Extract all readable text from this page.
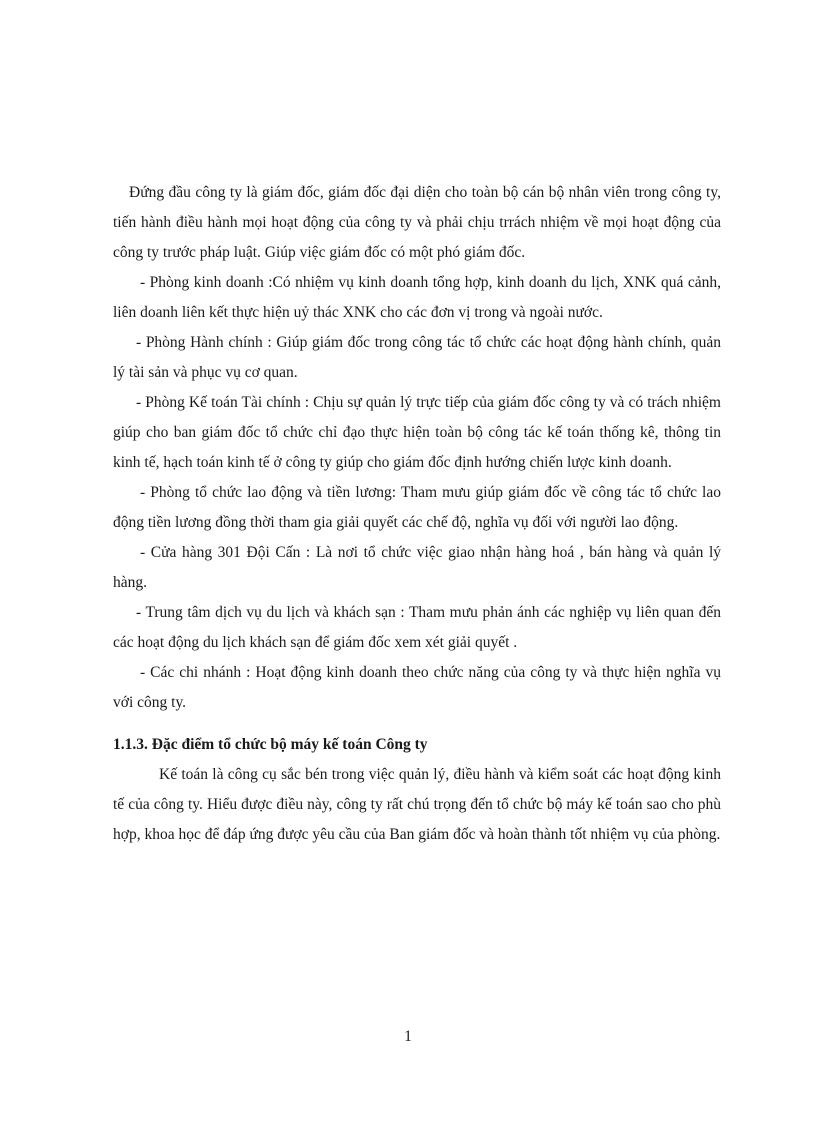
Đứng đầu công ty là giám đốc, giám đốc đại diện cho toàn bộ cán bộ nhân viên trong công ty, tiến hành điều hành mọi hoạt động của công ty và phải chịu trrách nhiệm về mọi hoạt động của công ty trước pháp luật. Giúp việc giám đốc có một phó giám đốc.

- Phòng kinh doanh :Có nhiệm vụ kinh doanh tổng hợp, kinh doanh du lịch, XNK quá cảnh, liên doanh liên kết thực hiện uỷ thác XNK cho các đơn vị trong và ngoài nước.

- Phòng Hành chính : Giúp giám đốc trong công tác tổ chức các hoạt động hành chính, quản lý tài sản và phục vụ cơ quan.

- Phòng Kế toán Tài chính : Chịu sự quản lý trực tiếp của giám đốc công ty và có trách nhiệm giúp cho ban giám đốc tổ chức chỉ đạo thực hiện toàn bộ công tác kế toán thống kê, thông tin kinh tế, hạch toán kinh tế ở công ty giúp cho giám đốc định hướng chiến lược kinh doanh.

- Phòng tổ chức lao động và tiền lương: Tham mưu giúp giám đốc về công tác tổ chức lao động tiền lương đồng thời tham gia giải quyết các chế độ, nghĩa vụ đối với người lao động.

- Cửa hàng 301 Đội Cấn : Là nơi tổ chức việc giao nhận hàng hoá , bán hàng và quản lý hàng.

- Trung tâm dịch vụ du lịch và khách sạn : Tham mưu phản ánh các nghiệp vụ liên quan đến các hoạt động du lịch khách sạn để giám đốc xem xét giải quyết .

- Các chi nhánh : Hoạt động kinh doanh theo chức năng của công ty và thực hiện nghĩa vụ với công ty.

1.1.3. Đặc điểm tổ chức bộ máy kế toán Công ty

Kế toán là công cụ sắc bén trong việc quản lý, điều hành và kiểm soát các hoạt động kinh tế của công ty. Hiểu được điều này, công ty rất chú trọng đến tổ chức bộ máy kế toán sao cho phù hợp, khoa học để đáp ứng được yêu cầu của Ban giám đốc và hoàn thành tốt nhiệm vụ của phòng.

1
